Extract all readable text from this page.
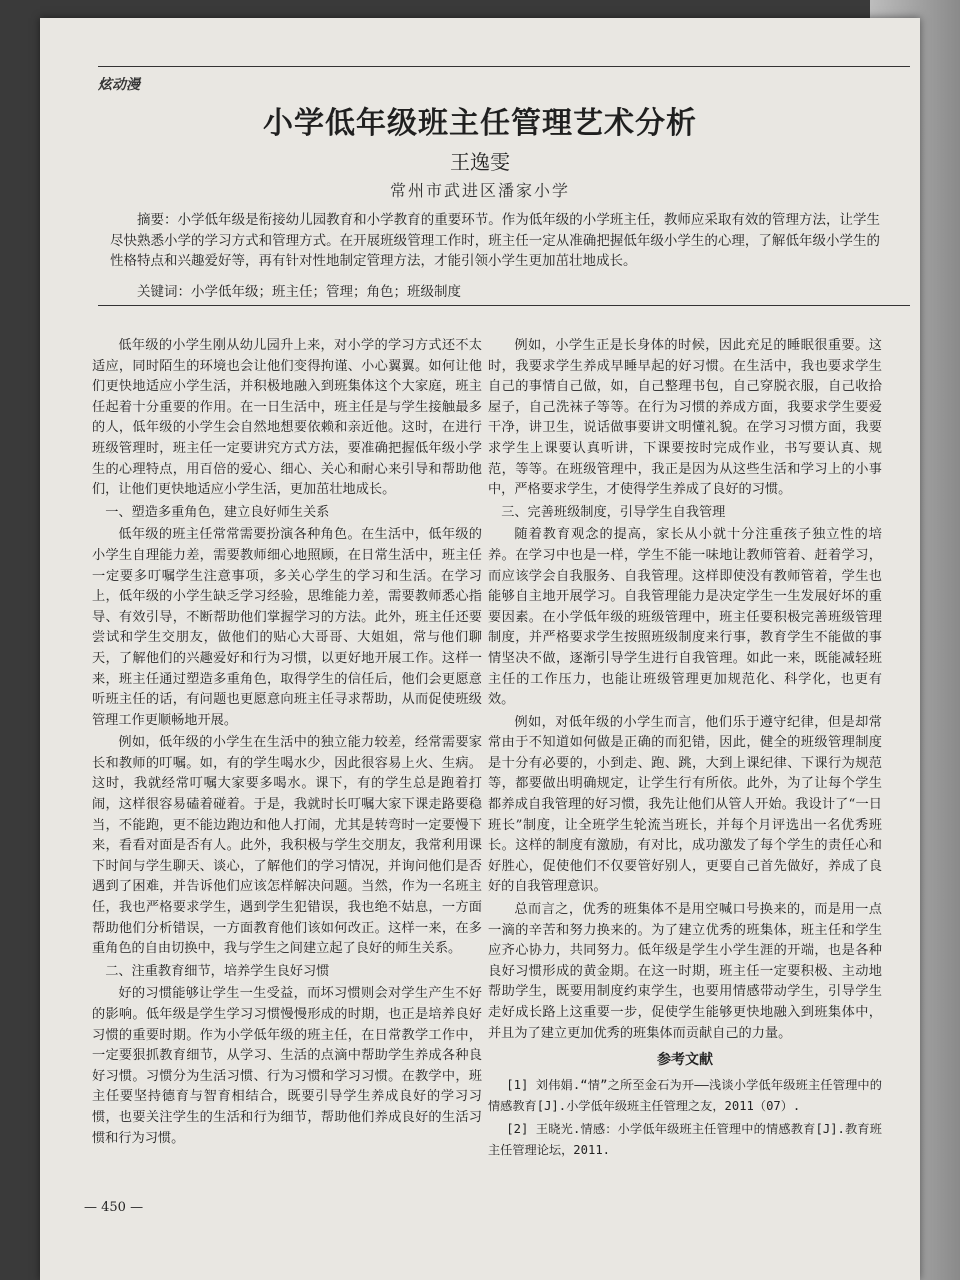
炫动漫
小学低年级班主任管理艺术分析
王逸雯
常州市武进区潘家小学
摘要：小学低年级是衔接幼儿园教育和小学教育的重要环节。作为低年级的小学班主任，教师应采取有效的管理方法，让学生尽快熟悉小学的学习方式和管理方式。在开展班级管理工作时，班主任一定从准确把握低年级小学生的心理，了解低年级小学生的性格特点和兴趣爱好等，再有针对性地制定管理方法，才能引领小学生更加茁壮地成长。
关键词：小学低年级；班主任；管理；角色；班级制度

低年级的小学生刚从幼儿园升上来，对小学的学习方式还不太适应，同时陌生的环境也会让他们变得拘谨、小心翼翼。如何让他们更快地适应小学生活，并积极地融入到班集体这个大家庭，班主任起着十分重要的作用。在一日生活中，班主任是与学生接触最多的人，低年级的小学生会自然地想要依赖和亲近他。这时，在进行班级管理时，班主任一定要讲究方式方法，要准确把握低年级小学生的心理特点，用百倍的爱心、细心、关心和耐心来引导和帮助他们，让他们更快地适应小学生活，更加茁壮地成长。

一、塑造多重角色，建立良好师生关系

低年级的班主任常常需要扮演各种角色。在生活中，低年级的小学生自理能力差，需要教师细心地照顾，在日常生活中，班主任一定要多叮嘱学生注意事项，多关心学生的学习和生活。在学习上，低年级的小学生缺乏学习经验，思维能力差，需要教师悉心指导、有效引导，不断帮助他们掌握学习的方法。此外，班主任还要尝试和学生交朋友，做他们的贴心大哥哥、大姐姐，常与他们聊天，了解他们的兴趣爱好和行为习惯，以更好地开展工作。这样一来，班主任通过塑造多重角色，取得学生的信任后，他们会更愿意听班主任的话，有问题也更愿意向班主任寻求帮助，从而促使班级管理工作更顺畅地开展。

例如，低年级的小学生在生活中的独立能力较差，经常需要家长和教师的叮嘱。如，有的学生喝水少，因此很容易上火、生病。这时，我就经常叮嘱大家要多喝水。课下，有的学生总是跑着打闹，这样很容易磕着碰着。于是，我就时长叮嘱大家下课走路要稳当，不能跑，更不能边跑边和他人打闹，尤其是转弯时一定要慢下来，看看对面是否有人。此外，我积极与学生交朋友，我常利用课下时间与学生聊天、谈心，了解他们的学习情况，并询问他们是否遇到了困难，并告诉他们应该怎样解决问题。当然，作为一名班主任，我也严格要求学生，遇到学生犯错误，我也绝不姑息，一方面帮助他们分析错误，一方面教育他们该如何改正。这样一来，在多重角色的自由切换中，我与学生之间建立起了良好的师生关系。

二、注重教育细节，培养学生良好习惯

好的习惯能够让学生一生受益，而坏习惯则会对学生产生不好的影响。低年级是学生学习习惯慢慢形成的时期，也正是培养良好习惯的重要时期。作为小学低年级的班主任，在日常教学工作中，一定要狠抓教育细节，从学习、生活的点滴中帮助学生养成各种良好习惯。习惯分为生活习惯、行为习惯和学习习惯。在教学中，班主任要坚持德育与智育相结合，既要引导学生养成良好的学习习惯，也要关注学生的生活和行为细节，帮助他们养成良好的生活习惯和行为习惯。

例如，小学生正是长身体的时候，因此充足的睡眠很重要。这时，我要求学生养成早睡早起的好习惯。在生活中，我也要求学生自己的事情自己做，如，自己整理书包，自己穿脱衣服，自己收拾屋子，自己洗袜子等等。在行为习惯的养成方面，我要求学生要爱干净，讲卫生，说话做事要讲文明懂礼貌。在学习习惯方面，我要求学生上课要认真听讲，下课要按时完成作业，书写要认真、规范，等等。在班级管理中，我正是因为从这些生活和学习上的小事中，严格要求学生，才使得学生养成了良好的习惯。

三、完善班级制度，引导学生自我管理

随着教育观念的提高，家长从小就十分注重孩子独立性的培养。在学习中也是一样，学生不能一味地让教师管着、赶着学习，而应该学会自我服务、自我管理。这样即使没有教师管着，学生也能够自主地开展学习。自我管理能力是决定学生一生发展好坏的重要因素。在小学低年级的班级管理中，班主任要积极完善班级管理制度，并严格要求学生按照班级制度来行事，教育学生不能做的事情坚决不做，逐渐引导学生进行自我管理。如此一来，既能减轻班主任的工作压力，也能让班级管理更加规范化、科学化，也更有效。

例如，对低年级的小学生而言，他们乐于遵守纪律，但是却常常由于不知道如何做是正确的而犯错，因此，健全的班级管理制度是十分有必要的，小到走、跑、跳，大到上课纪律、下课行为规范等，都要做出明确规定，让学生行有所依。此外，为了让每个学生都养成自我管理的好习惯，我先让他们从管人开始。我设计了“一日班长”制度，让全班学生轮流当班长，并每个月评选出一名优秀班长。这样的制度有激励，有对比，成功激发了每个学生的责任心和好胜心，促使他们不仅要管好别人，更要自己首先做好，养成了良好的自我管理意识。

总而言之，优秀的班集体不是用空喊口号换来的，而是用一点一滴的辛苦和努力换来的。为了建立优秀的班集体，班主任和学生应齐心协力，共同努力。低年级是学生小学生涯的开端，也是各种良好习惯形成的黄金期。在这一时期，班主任一定要积极、主动地帮助学生，既要用制度约束学生，也要用情感带动学生，引导学生走好成长路上这重要一步，促使学生能够更快地融入到班集体中，并且为了建立更加优秀的班集体而贡献自己的力量。

参考文献

[1] 刘伟娟.“情”之所至金石为开——浅谈小学低年级班主任管理中的情感教育[J].小学低年级班主任管理之友，2011（07）.

[2] 王晓光.情感：小学低年级班主任管理中的情感教育[J].教育班主任管理论坛，2011.

— 450 —
